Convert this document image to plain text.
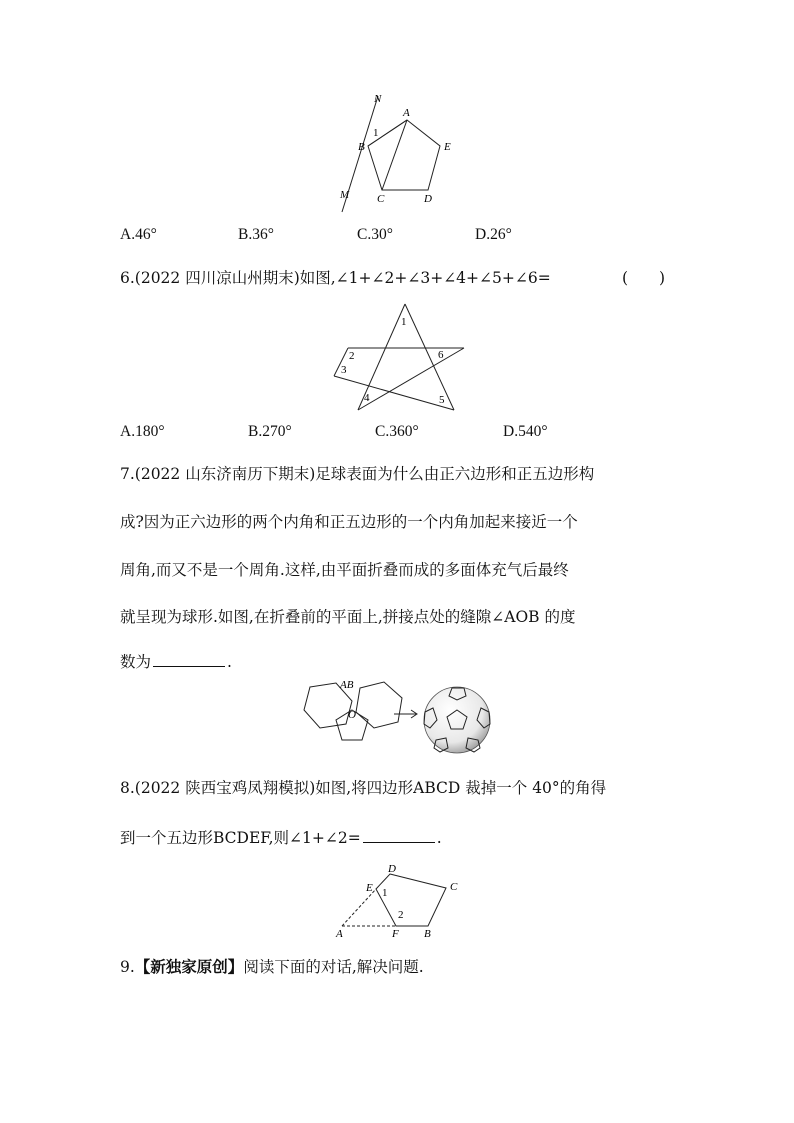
N
A
1
B	E
M	C	D
A.46°	B.36°	C.30°	D.26°
6.(2022 四川凉山州期末)如图,∠1+∠2+∠3+∠4+∠5+∠6=	(　　)
1
2
3
4	5
6
A.180°	B.270°	C.360°	D.540°
7.(2022 山东济南历下期末)足球表面为什么由正六边形和正五边形构
成?因为正六边形的两个内角和正五边形的一个内角加起来接近一个
周角,而又不是一个周角.这样,由平面折叠而成的多面体充气后最终
就呈现为球形.如图,在折叠前的平面上,拼接点处的缝隙∠AOB 的度
数为	.
AB
O
8.(2022 陕西宝鸡凤翔模拟)如图,将四边形ABCD 裁掉一个 40°的角得
到一个五边形BCDEF,则∠1+∠2=	.
D
C
E 1
2
A	F B
9.【新独家原创】阅读下面的对话,解决问题.
